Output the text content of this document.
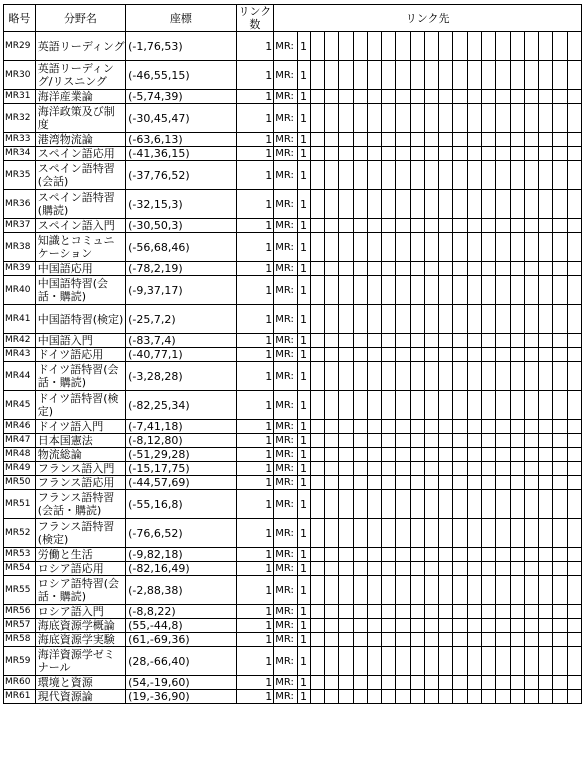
略号	分野名	座標	リンク数	リンク先																				
MR29	英語リーディング	(-1,76,53)	1	MR:	1																			
MR30	英語リーディング/リスニング	(-46,55,15)	1	MR:	1																			
MR31	海洋産業論	(-5,74,39)	1	MR:	1																			
MR32	海洋政策及び制度	(-30,45,47)	1	MR:	1																			
MR33	港湾物流論	(-63,6,13)	1	MR:	1																			
MR34	スペイン語応用	(-41,36,15)	1	MR:	1																			
MR35	スペイン語特習(会話)	(-37,76,52)	1	MR:	1																			
MR36	スペイン語特習(購読)	(-32,15,3)	1	MR:	1																			
MR37	スペイン語入門	(-30,50,3)	1	MR:	1																			
MR38	知識とコミュニケーション	(-56,68,46)	1	MR:	1																			
MR39	中国語応用	(-78,2,19)	1	MR:	1																			
MR40	中国語特習(会話・購読)	(-9,37,17)	1	MR:	1																			
MR41	中国語特習(検定)	(-25,7,2)	1	MR:	1																			
MR42	中国語入門	(-83,7,4)	1	MR:	1																			
MR43	ドイツ語応用	(-40,77,1)	1	MR:	1																			
MR44	ドイツ語特習(会話・購読)	(-3,28,28)	1	MR:	1																			
MR45	ドイツ語特習(検定)	(-82,25,34)	1	MR:	1																			
MR46	ドイツ語入門	(-7,41,18)	1	MR:	1																			
MR47	日本国憲法	(-8,12,80)	1	MR:	1																			
MR48	物流総論	(-51,29,28)	1	MR:	1																			
MR49	フランス語入門	(-15,17,75)	1	MR:	1																			
MR50	フランス語応用	(-44,57,69)	1	MR:	1																			
MR51	フランス語特習(会話・購読)	(-55,16,8)	1	MR:	1																			
MR52	フランス語特習(検定)	(-76,6,52)	1	MR:	1																			
MR53	労働と生活	(-9,82,18)	1	MR:	1																			
MR54	ロシア語応用	(-82,16,49)	1	MR:	1																			
MR55	ロシア語特習(会話・購読)	(-2,88,38)	1	MR:	1																			
MR56	ロシア語入門	(-8,8,22)	1	MR:	1																			
MR57	海底資源学概論	(55,-44,8)	1	MR:	1																			
MR58	海底資源学実験	(61,-69,36)	1	MR:	1																			
MR59	海洋資源学ゼミナール	(28,-66,40)	1	MR:	1																			
MR60	環境と資源	(54,-19,60)	1	MR:	1																			
MR61	現代資源論	(19,-36,90)	1	MR:	1																			
